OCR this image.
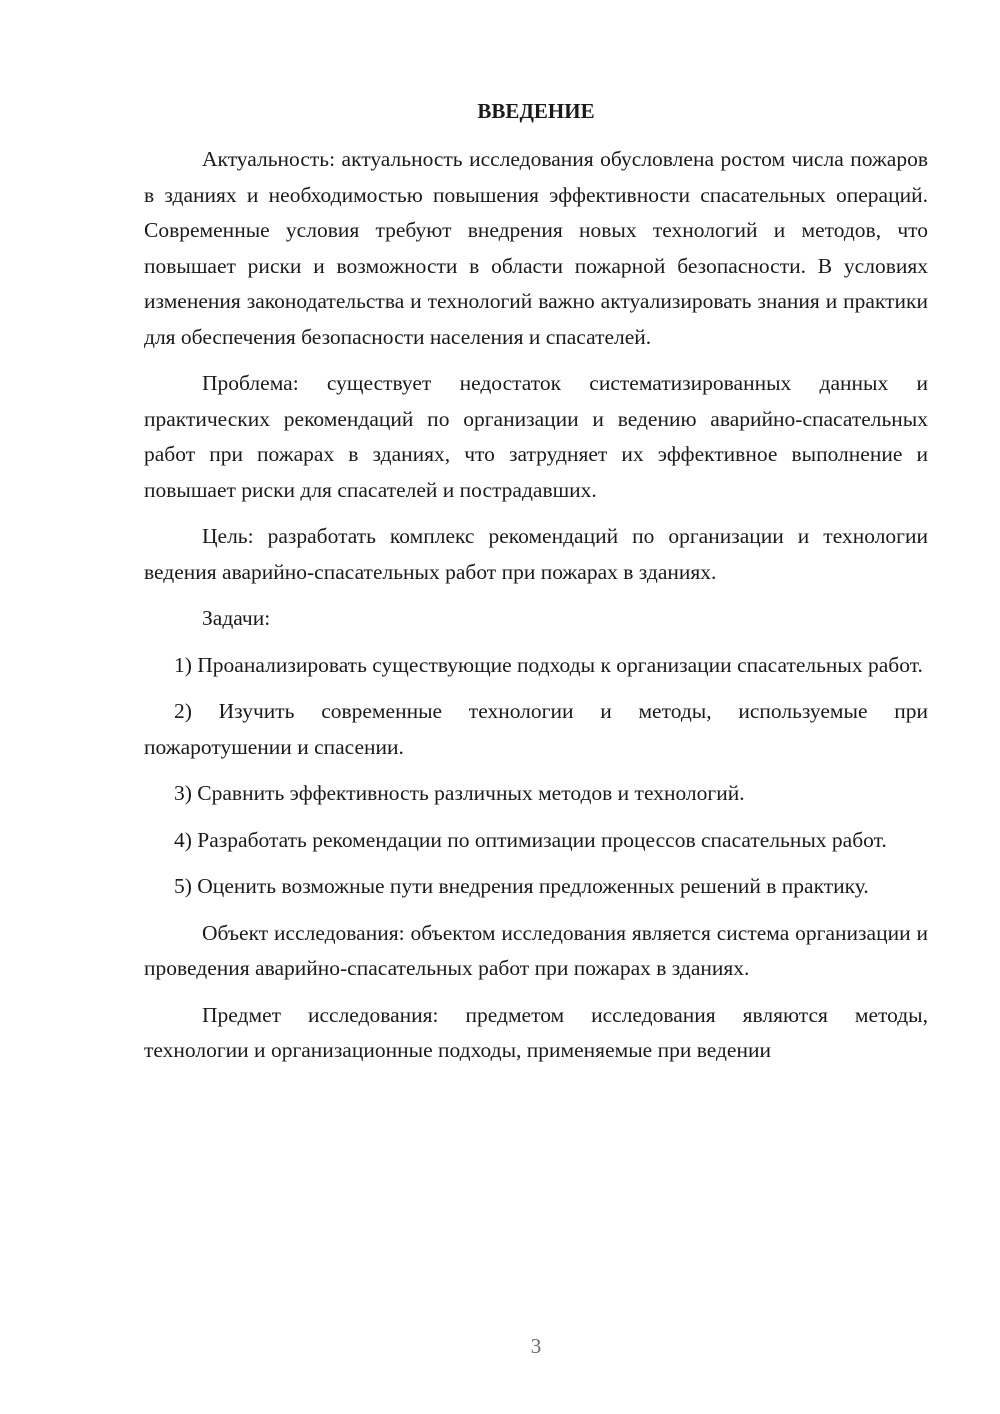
ВВЕДЕНИЕ

Актуальность: актуальность исследования обусловлена ростом числа пожаров в зданиях и необходимостью повышения эффективности спасательных операций. Современные условия требуют внедрения новых технологий и методов, что повышает риски и возможности в области пожарной безопасности. В условиях изменения законодательства и технологий важно актуализировать знания и практики для обеспечения безопасности населения и спасателей.

Проблема: существует недостаток систематизированных данных и практических рекомендаций по организации и ведению аварийно-спасательных работ при пожарах в зданиях, что затрудняет их эффективное выполнение и повышает риски для спасателей и пострадавших.

Цель: разработать комплекс рекомендаций по организации и технологии ведения аварийно-спасательных работ при пожарах в зданиях.

Задачи:

1) Проанализировать существующие подходы к организации спасательных работ.

2) Изучить современные технологии и методы, используемые при пожаротушении и спасении.

3) Сравнить эффективность различных методов и технологий.

4) Разработать рекомендации по оптимизации процессов спасательных работ.

5) Оценить возможные пути внедрения предложенных решений в практику.

Объект исследования: объектом исследования является система организации и проведения аварийно-спасательных работ при пожарах в зданиях.

Предмет исследования: предметом исследования являются методы, технологии и организационные подходы, применяемые при ведении

3
